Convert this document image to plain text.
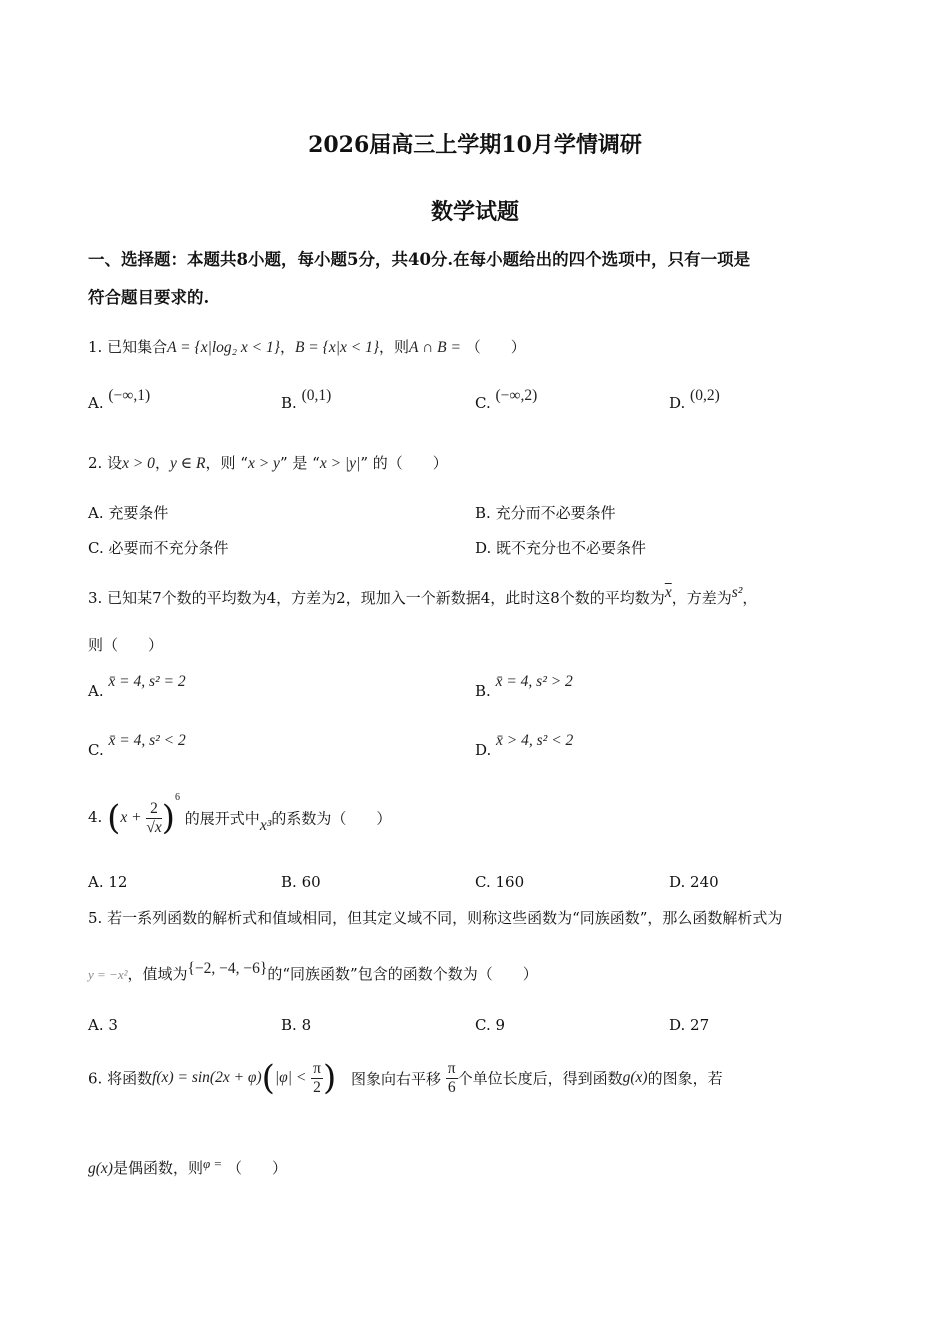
2026届高三上学期10月学情调研
数学试题
一、选择题：本题共8小题，每小题5分，共40分.在每小题给出的四个选项中，只有一项是
符合题目要求的.
1. 已知集合A = {x|log₂ x < 1}，B = {x|x < 1}，则A ∩ B = （　　）
A. (−∞,1)	B. (0,1)	C. (−∞,2)	D. (0,2)
2. 设x > 0，y ∈ R，则 “x > y” 是 “x > |y|” 的（　　）
A. 充要条件	B. 充分而不必要条件
C. 必要而不充分条件	D. 既不充分也不必要条件
3. 已知某7个数的平均数为4，方差为2，现加入一个新数据4，此时这8个数的平均数为$\overline{x}$，方差为s²，
则（　　）
A. x̄ = 4, s² = 2
B. x̄ = 4, s² > 2
C. x̄ = 4, s² < 2
D. x̄ > 4, s² < 2
4. $(x + \frac{2}{√x} )^6$ 的展开式中x³的系数为（　　）
A. 12	B. 60	C. 160	D. 240
5. 若一系列函数的解析式和值域相同，但其定义域不同，则称这些函数为“同族函数”，那么函数解析式为
y = −x²，值域为{−2, −4, −6}的“同族函数”包含的函数个数为（　　）
A. 3	B. 8	C. 9	D. 27
6. 将函数$f(x) = \sin(2x + \varphi)(|\varphi| < \frac{\pi}{2}$ ) 图象向右平移 $\frac{\pi}{6}$ 个单位长度后，得到函数g(x)的图象，若
g(x)是偶函数，则φ = （　　）
